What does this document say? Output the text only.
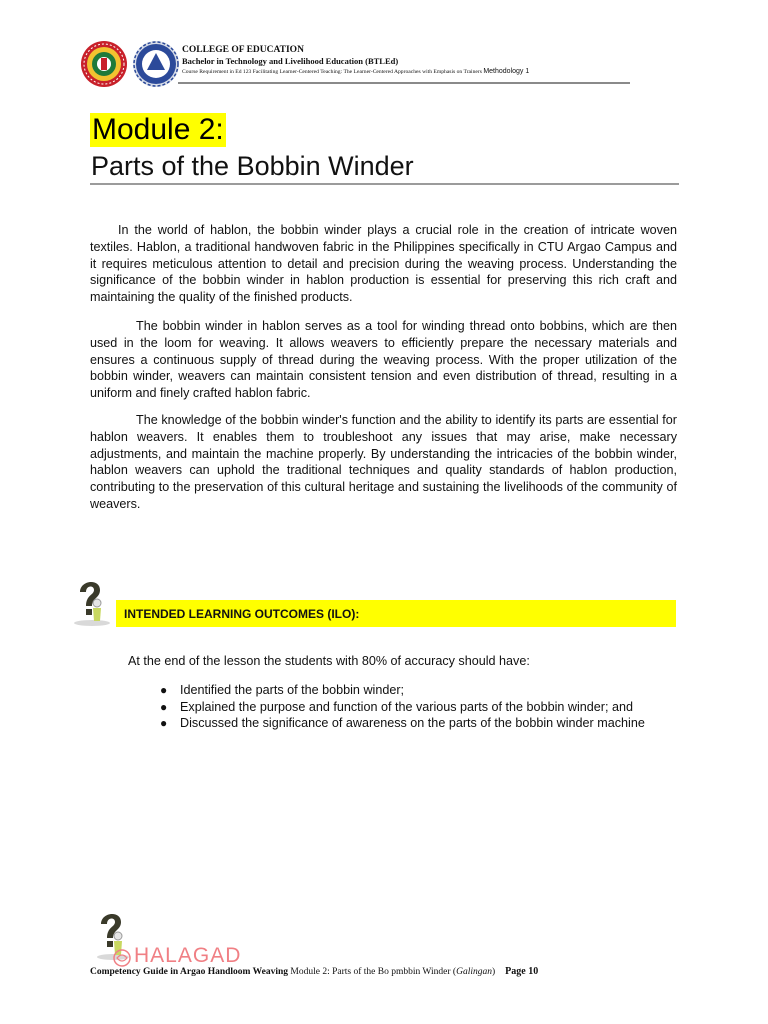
COLLEGE OF EDUCATION
Bachelor in Technology and Livelihood Education (BTLEd)
Course Requirement in Ed 123 Facilitating Learner-Centered Teaching: The Learner-Centered Approaches with Emphasis on Trainers Methodology 1
Module 2:
Parts of the Bobbin Winder

In the world of hablon, the bobbin winder plays a crucial role in the creation of intricate woven textiles. Hablon, a traditional handwoven fabric in the Philippines specifically in CTU Argao Campus and it requires meticulous attention to detail and precision during the weaving process. Understanding the significance of the bobbin winder in hablon production is essential for preserving this rich craft and maintaining the quality of the finished products.

The bobbin winder in hablon serves as a tool for winding thread onto bobbins, which are then used in the loom for weaving. It allows weavers to efficiently prepare the necessary materials and ensures a continuous supply of thread during the weaving process. With the proper utilization of the bobbin winder, weavers can maintain consistent tension and even distribution of thread, resulting in a uniform and finely crafted hablon fabric.

The knowledge of the bobbin winder's function and the ability to identify its parts are essential for hablon weavers. It enables them to troubleshoot any issues that may arise, make necessary adjustments, and maintain the machine properly. By understanding the intricacies of the bobbin winder, hablon weavers can uphold the traditional techniques and quality standards of hablon production, contributing to the preservation of this cultural heritage and sustaining the livelihoods of the community of weavers.

INTENDED LEARNING OUTCOMES (ILO):
At the end of the lesson the students with 80% of accuracy should have:
● Identified the parts of the bobbin winder;
● Explained the purpose and function of the various parts of the bobbin winder; and
● Discussed the significance of awareness on the parts of the bobbin winder machine
HALAGAD
Competency Guide in Argao Handloom Weaving Module 2: Parts of the Bo pmbbin Winder (Galingan) Page 10
